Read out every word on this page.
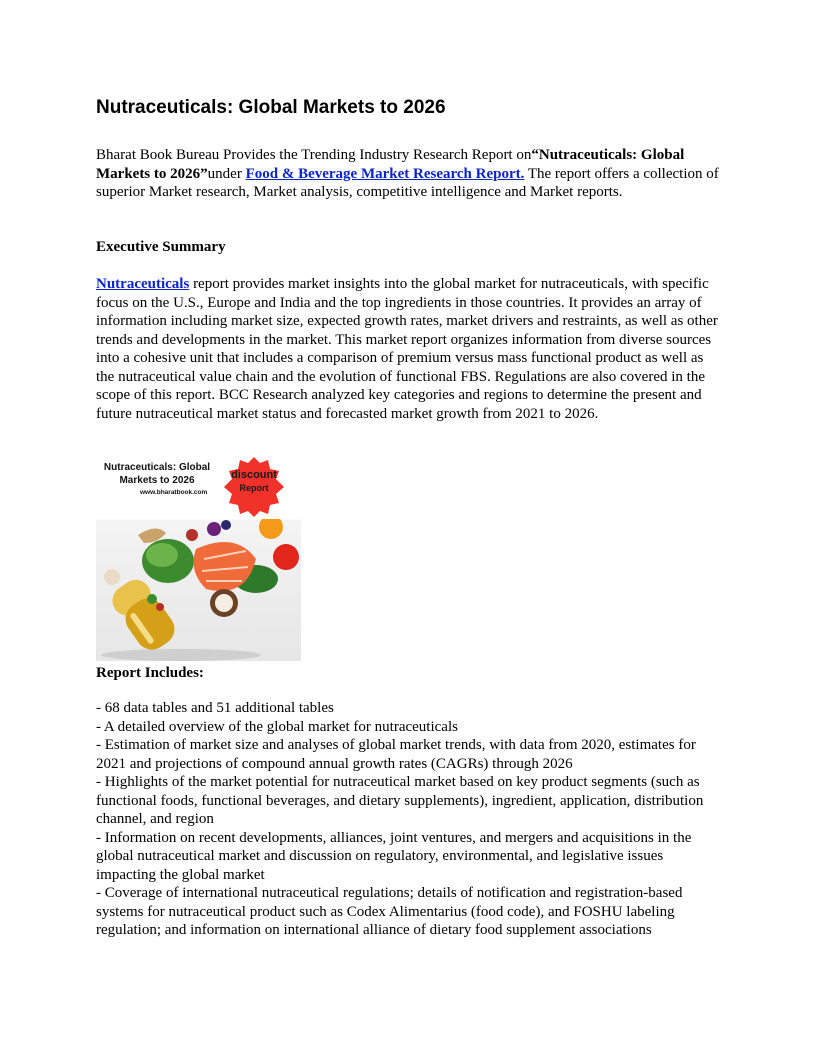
Nutraceuticals: Global Markets to 2026

Bharat Book Bureau Provides the Trending Industry Research Report on“Nutraceuticals: Global Markets to 2026”under Food & Beverage Market Research Report. The report offers a collection of superior Market research, Market analysis, competitive intelligence and Market reports.

Executive Summary

Nutraceuticals report provides market insights into the global market for nutraceuticals, with specific focus on the U.S., Europe and India and the top ingredients in those countries. It provides an array of information including market size, expected growth rates, market drivers and restraints, as well as other trends and developments in the market. This market report organizes information from diverse sources into a cohesive unit that includes a comparison of premium versus mass functional product as well as the nutraceutical value chain and the evolution of functional FBS. Regulations are also covered in the scope of this report. BCC Research analyzed key categories and regions to determine the present and future nutraceutical market status and forecasted market growth from 2021 to 2026.

Nutraceuticals: Global
Markets to 2026
www.bharatbook.com
discount
Report

Report Includes:

- 68 data tables and 51 additional tables
- A detailed overview of the global market for nutraceuticals
- Estimation of market size and analyses of global market trends, with data from 2020, estimates for 2021 and projections of compound annual growth rates (CAGRs) through 2026
- Highlights of the market potential for nutraceutical market based on key product segments (such as functional foods, functional beverages, and dietary supplements), ingredient, application, distribution channel, and region
- Information on recent developments, alliances, joint ventures, and mergers and acquisitions in the global nutraceutical market and discussion on regulatory, environmental, and legislative issues impacting the global market
- Coverage of international nutraceutical regulations; details of notification and registration-based systems for nutraceutical product such as Codex Alimentarius (food code), and FOSHU labeling regulation; and information on international alliance of dietary food supplement associations
